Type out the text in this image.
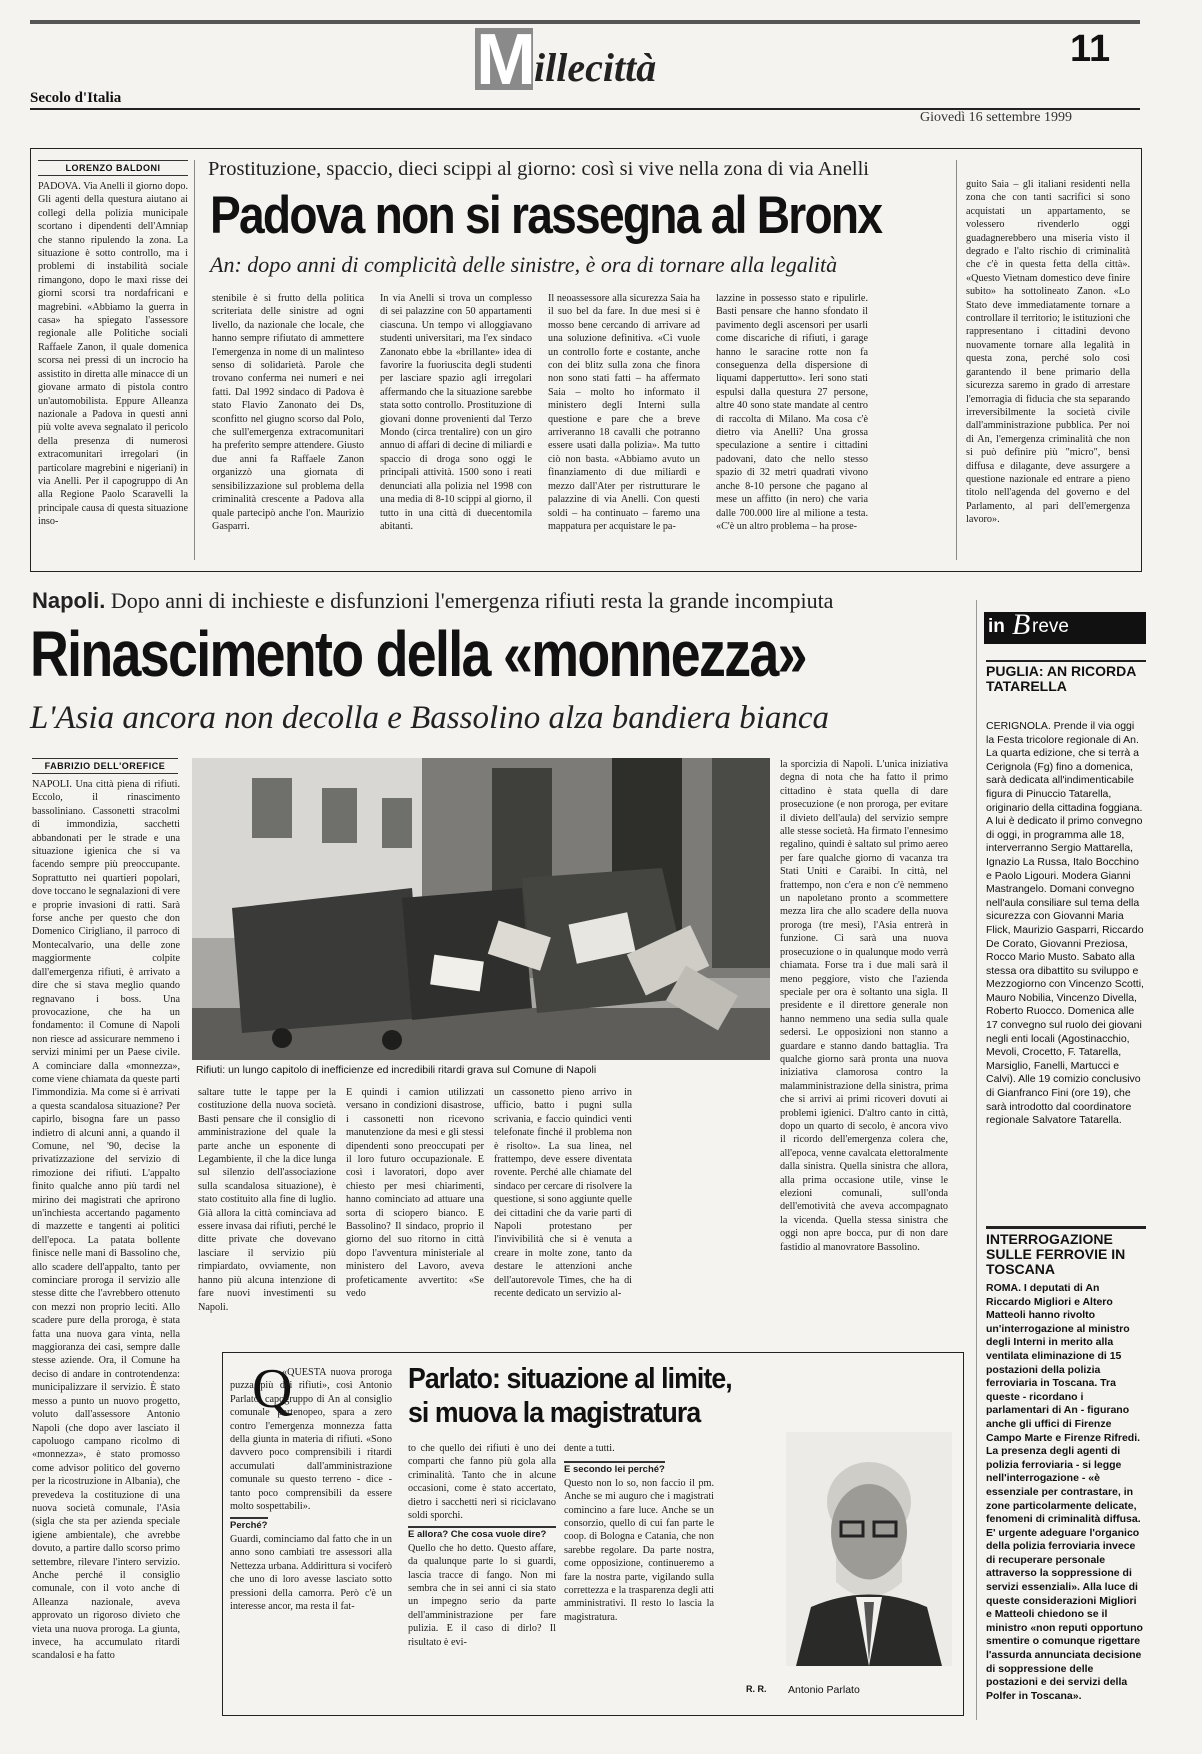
M illecittà	11
Secolo d'Italia
Giovedì 16 settembre 1999
LORENZO BALDONI
PADOVA. Via Anelli il giorno dopo. Gli agenti della questura aiutano ai collegi della polizia municipale scortano i dipendenti dell'Amniap che stanno ripulendo la zona. La situazione è sotto controllo, ma i problemi di instabilità sociale rimangono, dopo le maxi risse dei giorni scorsi tra nordafricani e magrebini. «Abbiamo la guerra in casa» ha spiegato l'assessore regionale alle Politiche sociali Raffaele Zanon, il quale domenica scorsa nei pressi di un incrocio ha assistito in diretta alle minacce di un giovane armato di pistola contro un'automobilista. Eppure Alleanza nazionale a Padova in questi anni più volte aveva segnalato il pericolo della presenza di numerosi extracomunitari irregolari (in particolare magrebini e nigeriani) in via Anelli. Per il capogruppo di An alla Regione Paolo Scaravelli la principale causa di questa situazione inso-
Prostituzione, spaccio, dieci scippi al giorno: così si vive nella zona di via Anelli
Padova non si rassegna al Bronx
An: dopo anni di complicità delle sinistre, è ora di tornare alla legalità
stenibile è sì frutto della politica scriteriata delle sinistre ad ogni livello, da nazionale che locale, che hanno sempre rifiutato di ammettere l'emergenza in nome di un malinteso senso di solidarietà. Parole che trovano conferma nei numeri e nei fatti. Dal 1992 sindaco di Padova è stato Flavio Zanonato dei Ds, sconfitto nel giugno scorso dal Polo, che sull'emergenza extracomunitari ha preferito sempre attendere. Giusto due anni fa Raffaele Zanon organizzò una giornata di sensibilizzazione sul problema della criminalità crescente a Padova alla quale partecipò anche l'on. Maurizio Gasparri.
In via Anelli si trova un complesso di sei palazzine con 50 appartamenti ciascuna. Un tempo vi alloggiavano studenti universitari, ma l'ex sindaco Zanonato ebbe la «brillante» idea di favorire la fuoriuscita degli studenti per lasciare spazio agli irregolari affermando che la situazione sarebbe stata sotto controllo. Prostituzione di giovani donne provenienti dal Terzo Mondo (circa trentalire) con un giro annuo di affari di decine di miliardi e spaccio di droga sono oggi le principali attività. 1500 sono i reati denunciati alla polizia nel 1998 con una media di 8-10 scippi al giorno, il tutto in una città di duecentomila abitanti.
Il neoassessore alla sicurezza Saia ha il suo bel da fare. In due mesi si è mosso bene cercando di arrivare ad una soluzione definitiva. «Ci vuole un controllo forte e costante, anche con dei blitz sulla zona che finora non sono stati fatti – ha affermato Saia – molto ho informato il ministero degli Interni sulla questione e pare che a breve arriveranno 18 cavalli che potranno essere usati dalla polizia». Ma tutto ciò non basta. «Abbiamo avuto un finanziamento di due miliardi e mezzo dall'Ater per ristrutturare le palazzine di via Anelli. Con questi soldi – ha continuato – faremo una mappatura per acquistare le pa-
lazzine in possesso stato e ripulirle. Basti pensare che hanno sfondato il pavimento degli ascensori per usarli come discariche di rifiuti, i garage hanno le saracine rotte non fa conseguenza della dispersione di liquami dappertutto». Ieri sono stati espulsi dalla questura 27 persone, altre 40 sono state mandate al centro di raccolta di Milano. Ma cosa c'è dietro via Anelli? Una grossa speculazione a sentire i cittadini padovani, dato che nello stesso spazio di 32 metri quadrati vivono anche 8-10 persone che pagano al mese un affitto (in nero) che varia dalle 700.000 lire al milione a testa. «C'è un altro problema – ha prose-
guito Saia – gli italiani residenti nella zona che con tanti sacrifici si sono acquistati un appartamento, se volessero rivenderlo oggi guadagnerebbero una miseria visto il degrado e l'alto rischio di criminalità che c'è in questa fetta della città». «Questo Vietnam domestico deve finire subito» ha sottolineato Zanon. «Lo Stato deve immediatamente tornare a controllare il territorio; le istituzioni che rappresentano i cittadini devono nuovamente tornare alla legalità in questa zona, perché solo così garantendo il bene primario della sicurezza saremo in grado di arrestare l'emorragia di fiducia che sta separando irreversibilmente la società civile dall'amministrazione pubblica. Per noi di An, l'emergenza criminalità che non si può definire più "micro", bensì diffusa e dilagante, deve assurgere a questione nazionale ed entrare a pieno titolo nell'agenda del governo e del Parlamento, al pari dell'emergenza lavoro».
Napoli. Dopo anni di inchieste e disfunzioni l'emergenza rifiuti resta la grande incompiuta
Rinascimento della «monnezza»
L'Asia ancora non decolla e Bassolino alza bandiera bianca
FABRIZIO DELL'OREFICE
NAPOLI. Una città piena di rifiuti. Eccolo, il rinascimento bassoliniano. Cassonetti stracolmi di immondizia, sacchetti abbandonati per le strade e una situazione igienica che si va facendo sempre più preoccupante. Soprattutto nei quartieri popolari, dove toccano le segnalazioni di vere e proprie invasioni di ratti. Sarà forse anche per questo che don Domenico Cirigliano, il parroco di Montecalvario, una delle zone maggiormente colpite dall'emergenza rifiuti, è arrivato a dire che si stava meglio quando regnavano i boss. Una provocazione, che ha un fondamento: il Comune di Napoli non riesce ad assicurare nemmeno i servizi minimi per un Paese civile. A cominciare dalla «monnezza», come viene chiamata da queste parti l'immondizia. Ma come si è arrivati a questa scandalosa situazione? Per capirlo, bisogna fare un passo indietro di alcuni anni, a quando il Comune, nel '90, decise la privatizzazione del servizio di rimozione dei rifiuti. L'appalto finito qualche anno più tardi nel mirino dei magistrati che aprirono un'inchiesta accertando pagamento di mazzette e tangenti ai politici dell'epoca. La patata bollente finisce nelle mani di Bassolino che, allo scadere dell'appalto, tanto per cominciare proroga il servizio alle stesse ditte che l'avrebbero ottenuto con mezzi non proprio leciti. Allo scadere pure della proroga, è stata fatta una nuova gara vinta, nella maggioranza dei casi, sempre dalle stesse aziende. Ora, il Comune ha deciso di andare in controtendenza: municipalizzare il servizio. È stato messo a punto un nuovo progetto, voluto dall'assessore Antonio Napoli (che dopo aver lasciato il capoluogo campano ricolmo di «monnezza», è stato promosso come advisor politico del governo per la ricostruzione in Albania), che prevedeva la costituzione di una nuova società comunale, l'Asia (sigla che sta per azienda speciale igiene ambientale), che avrebbe dovuto, a partire dallo scorso primo settembre, rilevare l'intero servizio. Anche perché il consiglio comunale, con il voto anche di Alleanza nazionale, aveva approvato un rigoroso divieto che vieta una nuova proroga. La giunta, invece, ha accumulato ritardi scandalosi e ha fatto
Rifiuti: un lungo capitolo di inefficienze ed incredibili ritardi grava sul Comune di Napoli
la sporcizia di Napoli. L'unica iniziativa degna di nota che ha fatto il primo cittadino è stata quella di dare prosecuzione (e non proroga, per evitare il divieto dell'aula) del servizio sempre alle stesse società. Ha firmato l'ennesimo regalino, quindi è saltato sul primo aereo per fare qualche giorno di vacanza tra Stati Uniti e Caraibi. In città, nel frattempo, non c'era e non c'è nemmeno un napoletano pronto a scommettere mezza lira che allo scadere della nuova proroga (tre mesi), l'Asia entrerà in funzione. Ci sarà una nuova prosecuzione o in qualunque modo verrà chiamata. Forse tra i due mali sarà il meno peggiore, visto che l'azienda speciale per ora è soltanto una sigla. Il presidente e il direttore generale non hanno nemmeno una sedia sulla quale sedersi. Le opposizioni non stanno a guardare e stanno dando battaglia. Tra qualche giorno sarà pronta una nuova iniziativa clamorosa contro la malamministrazione della sinistra, prima che si arrivi ai primi ricoveri dovuti ai problemi igienici. D'altro canto in città, dopo un quarto di secolo, è ancora vivo il ricordo dell'emergenza colera che, all'epoca, venne cavalcata elettoralmente dalla sinistra. Quella sinistra che allora, alla prima occasione utile, vinse le elezioni comunali, sull'onda dell'emotività che aveva accompagnato la vicenda. Quella stessa sinistra che oggi non apre bocca, pur di non dare fastidio al manovratore Bassolino.
saltare tutte le tappe per la costituzione della nuova società. Basti pensare che il consiglio di amministrazione del quale la parte anche un esponente di Legambiente, il che la dice lunga sul silenzio dell'associazione sulla scandalosa situazione), è stato costituito alla fine di luglio. Già allora la città cominciava ad essere invasa dai rifiuti, perché le ditte private che dovevano lasciare il servizio più rimpiardato, ovviamente, non hanno più alcuna intenzione di fare nuovi investimenti su Napoli.
E quindi i camion utilizzati versano in condizioni disastrose, i cassonetti non ricevono manutenzione da mesi e gli stessi dipendenti sono preoccupati per il loro futuro occupazionale. E così i lavoratori, dopo aver chiesto per mesi chiarimenti, hanno cominciato ad attuare una sorta di sciopero bianco. E Bassolino? Il sindaco, proprio il giorno del suo ritorno in città dopo l'avventura ministeriale al ministero del Lavoro, aveva profeticamente avvertito: «Se vedo
un cassonetto pieno arrivo in ufficio, batto i pugni sulla scrivania, e faccio quindici venti telefonate finché il problema non è risolto». La sua linea, nel frattempo, deve essere diventata rovente. Perché alle chiamate del sindaco per cercare di risolvere la questione, si sono aggiunte quelle dei cittadini che da varie parti di Napoli protestano per l'invivibilità che si è venuta a creare in molte zone, tanto da destare le attenzioni anche dell'autorevole Times, che ha di recente dedicato un servizio al-
Q
«QUESTA nuova proroga puzza più dei rifiuti», così Antonio Parlato, capogruppo di An al consiglio comunale partenopeo, spara a zero contro l'emergenza monnezza fatta della giunta in materia di rifiuti. «Sono davvero poco comprensibili i ritardi accumulati dall'amministrazione comunale su questo terreno - dice - tanto poco comprensibili da essere molto sospettabili».
Perché?
Guardi, cominciamo dal fatto che in un anno sono cambiati tre assessori alla Nettezza urbana. Addirittura si vociferò che uno di loro avesse lasciato sotto pressioni della camorra. Però c'è un interesse ancor, ma resta il fat-
Parlato: situazione al limite, si muova la magistratura
to che quello dei rifiuti è uno dei comparti che fanno più gola alla criminalità. Tanto che in alcune occasioni, come è stato accertato, dietro i sacchetti neri si riciclavano soldi sporchi.
E allora? Che cosa vuole dire?
Quello che ho detto. Questo affare, da qualunque parte lo si guardi, lascia tracce di fango. Non mi sembra che in sei anni ci sia stato un impegno serio da parte dell'amministrazione per fare pulizia. E il caso di dirlo? Il risultato è evi-
dente a tutti.
E secondo lei perché?
Questo non lo so, non faccio il pm. Anche se mi auguro che i magistrati comincino a fare luce. Anche se un consorzio, quello di cui fan parte le coop. di Bologna e Catania, che non sarebbe regolare. Da parte nostra, come opposizione, continueremo a fare la nostra parte, vigilando sulla correttezza e la trasparenza degli atti amministrativi. Il resto lo lascia la magistratura.
R. R. Antonio Parlato
in B reve
PUGLIA: AN RICORDA TATARELLA
CERIGNOLA. Prende il via oggi la Festa tricolore regionale di An. La quarta edizione, che si terrà a Cerignola (Fg) fino a domenica, sarà dedicata all'indimenticabile figura di Pinuccio Tatarella, originario della cittadina foggiana. A lui è dedicato il primo convegno di oggi, in programma alle 18, interverranno Sergio Mattarella, Ignazio La Russa, Italo Bocchino e Paolo Ligouri. Modera Gianni Mastrangelo. Domani convegno nell'aula consiliare sul tema della sicurezza con Giovanni Maria Flick, Maurizio Gasparri, Riccardo De Corato, Giovanni Preziosa, Rocco Mario Musto. Sabato alla stessa ora dibattito su sviluppo e Mezzogiorno con Vincenzo Scotti, Mauro Nobilia, Vincenzo Divella, Roberto Ruocco. Domenica alle 17 convegno sul ruolo dei giovani negli enti locali (Agostinacchio, Mevoli, Crocetto, F. Tatarella, Marsiglio, Fanelli, Martucci e Calvi). Alle 19 comizio conclusivo di Gianfranco Fini (ore 19), che sarà introdotto dal coordinatore regionale Salvatore Tatarella.
INTERROGAZIONE SULLE FERROVIE IN TOSCANA
ROMA. I deputati di An Riccardo Migliori e Altero Matteoli hanno rivolto un'interrogazione al ministro degli Interni in merito alla ventilata eliminazione di 15 postazioni della polizia ferroviaria in Toscana. Tra queste - ricordano i parlamentari di An - figurano anche gli uffici di Firenze Campo Marte e Firenze Rifredi. La presenza degli agenti di polizia ferroviaria - si legge nell'interrogazione - «è essenziale per contrastare, in zone particolarmente delicate, fenomeni di criminalità diffusa. E' urgente adeguare l'organico della polizia ferroviaria invece di recuperare personale attraverso la soppressione di servizi essenziali». Alla luce di queste considerazioni Migliori e Matteoli chiedono se il ministro «non reputi opportuno smentire o comunque rigettare l'assurda annunciata decisione di soppressione delle postazioni e dei servizi della Polfer in Toscana».
